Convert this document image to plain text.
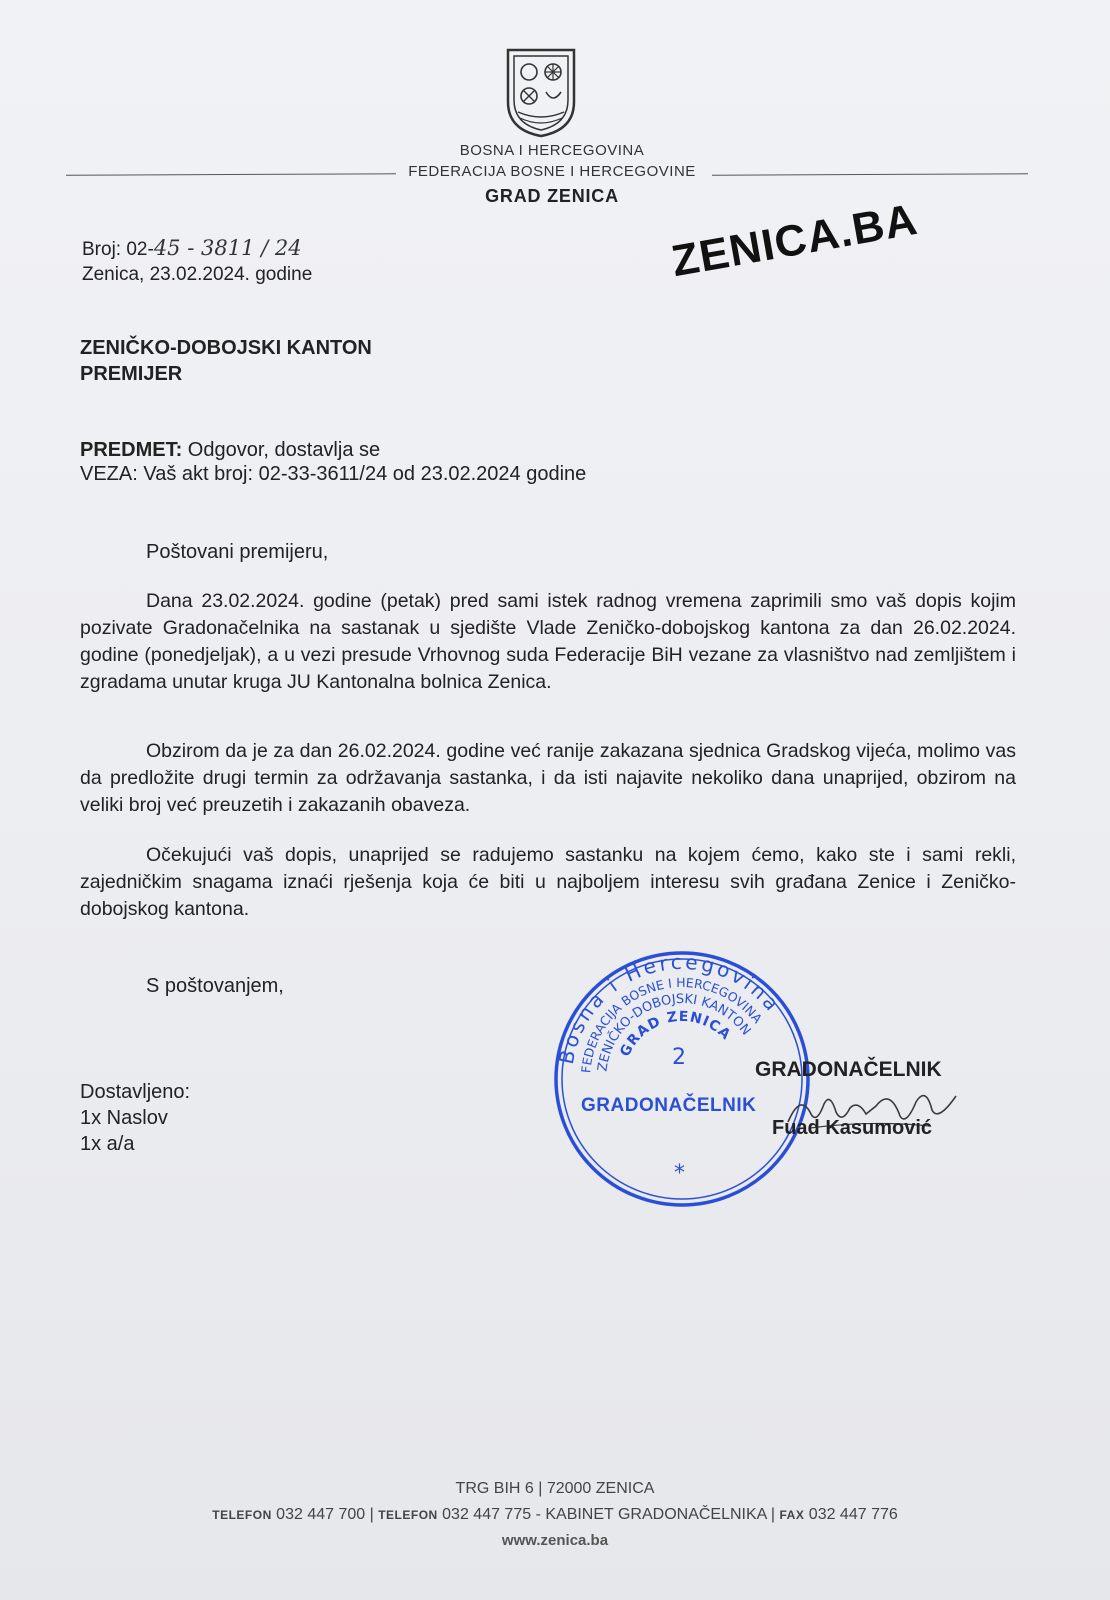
BOSNA I HERCEGOVINA
FEDERACIJA BOSNE I HERCEGOVINE
GRAD ZENICA	ZENICA.BA
Broj: 02-45 - 3811 / 24
Zenica, 23.02.2024. godine
ZENIČKO-DOBOJSKI KANTON
PREMIJER
PREDMET: Odgovor, dostavlja se
VEZA: Vaš akt broj: 02-33-3611/24 od 23.02.2024 godine
Poštovani premijeru,
Dana 23.02.2024. godine (petak) pred sami istek radnog vremena zaprimili smo vaš dopis kojim pozivate Gradonačelnika na sastanak u sjedište Vlade Zeničko-dobojskog kantona za dan 26.02.2024. godine (ponedjeljak), a u vezi presude Vrhovnog suda Federacije BiH vezane za vlasništvo nad zemljištem i zgradama unutar kruga JU Kantonalna bolnica Zenica.
Obzirom da je za dan 26.02.2024. godine već ranije zakazana sjednica Gradskog vijeća, molimo vas da predložite drugi termin za održavanja sastanka, i da isti najavite nekoliko dana unaprijed, obzirom na veliki broj već preuzetih i zakazanih obaveza.
Očekujući vaš dopis, unaprijed se radujemo sastanku na kojem ćemo, kako ste i sami rekli, zajedničkim snagama iznaći rješenja koja će biti u najboljem interesu svih građana Zenice i Zeničko-dobojskog kantona.
S poštovanjem,
Dostavljeno:
1x Naslov
1x a/a
Bosna i Hercegovina
FEDERACIJA BOSNE I HERCEGOVINA
ZENIČKO-DOBOJSKI KANTON
GRAD ZENICA
2
GRADONAČELNIK
*
GRADONAČELNIK
Fuad Kasumović
TRG BIH 6 | 72000 ZENICA
TELEFON 032 447 700 | TELEFON 032 447 775 - KABINET GRADONAČELNIKA | FAX 032 447 776
www.zenica.ba
